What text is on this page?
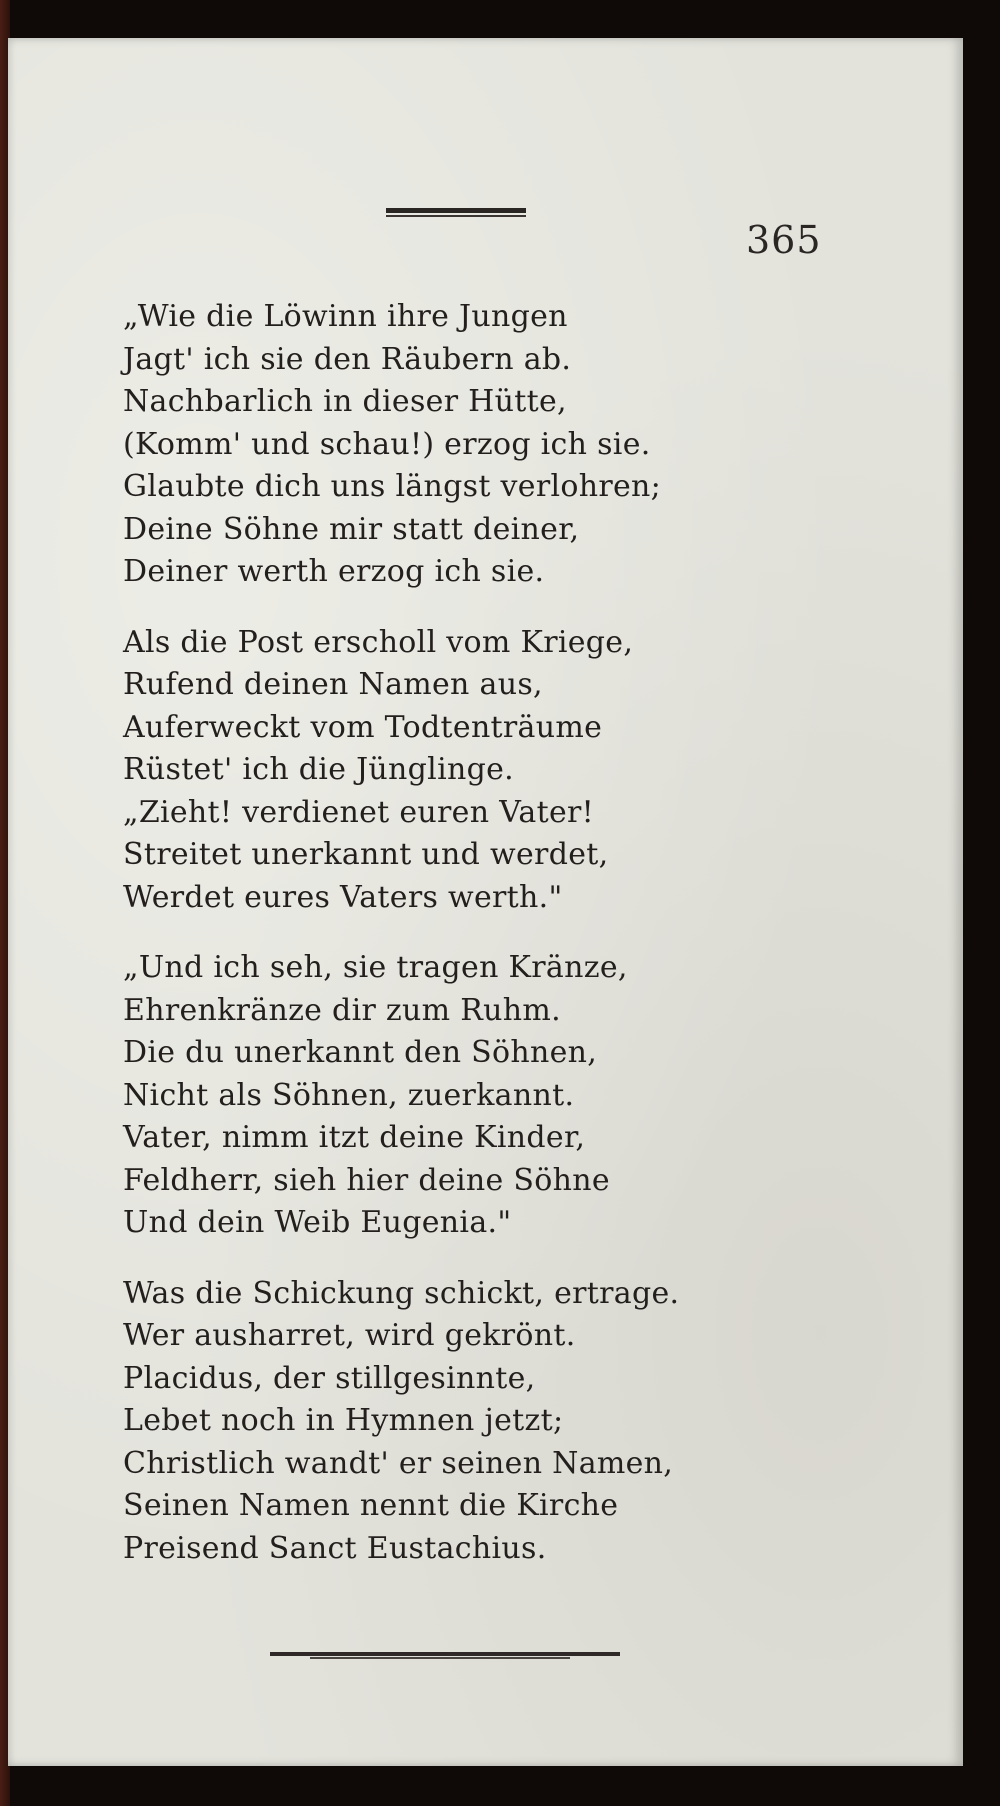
365
„Wie die Löwinn ihre Jungen
Jagt' ich sie den Räubern ab.
Nachbarlich in dieser Hütte,
(Komm' und schau!) erzog ich sie.
Glaubte dich uns längst verlohren;
Deine Söhne mir statt deiner,
Deiner werth erzog ich sie.
Als die Post erscholl vom Kriege,
Rufend deinen Namen aus,
Auferweckt vom Todtenträume
Rüstet' ich die Jünglinge.
„Zieht! verdienet euren Vater!
Streitet unerkannt und werdet,
Werdet eures Vaters werth."
„Und ich seh, sie tragen Kränze,
Ehrenkränze dir zum Ruhm.
Die du unerkannt den Söhnen,
Nicht als Söhnen, zuerkannt.
Vater, nimm itzt deine Kinder,
Feldherr, sieh hier deine Söhne
Und dein Weib Eugenia."
Was die Schickung schickt, ertrage.
Wer ausharret, wird gekrönt.
Placidus, der stillgesinnte,
Lebet noch in Hymnen jetzt;
Christlich wandt' er seinen Namen,
Seinen Namen nennt die Kirche
Preisend Sanct Eustachius.
